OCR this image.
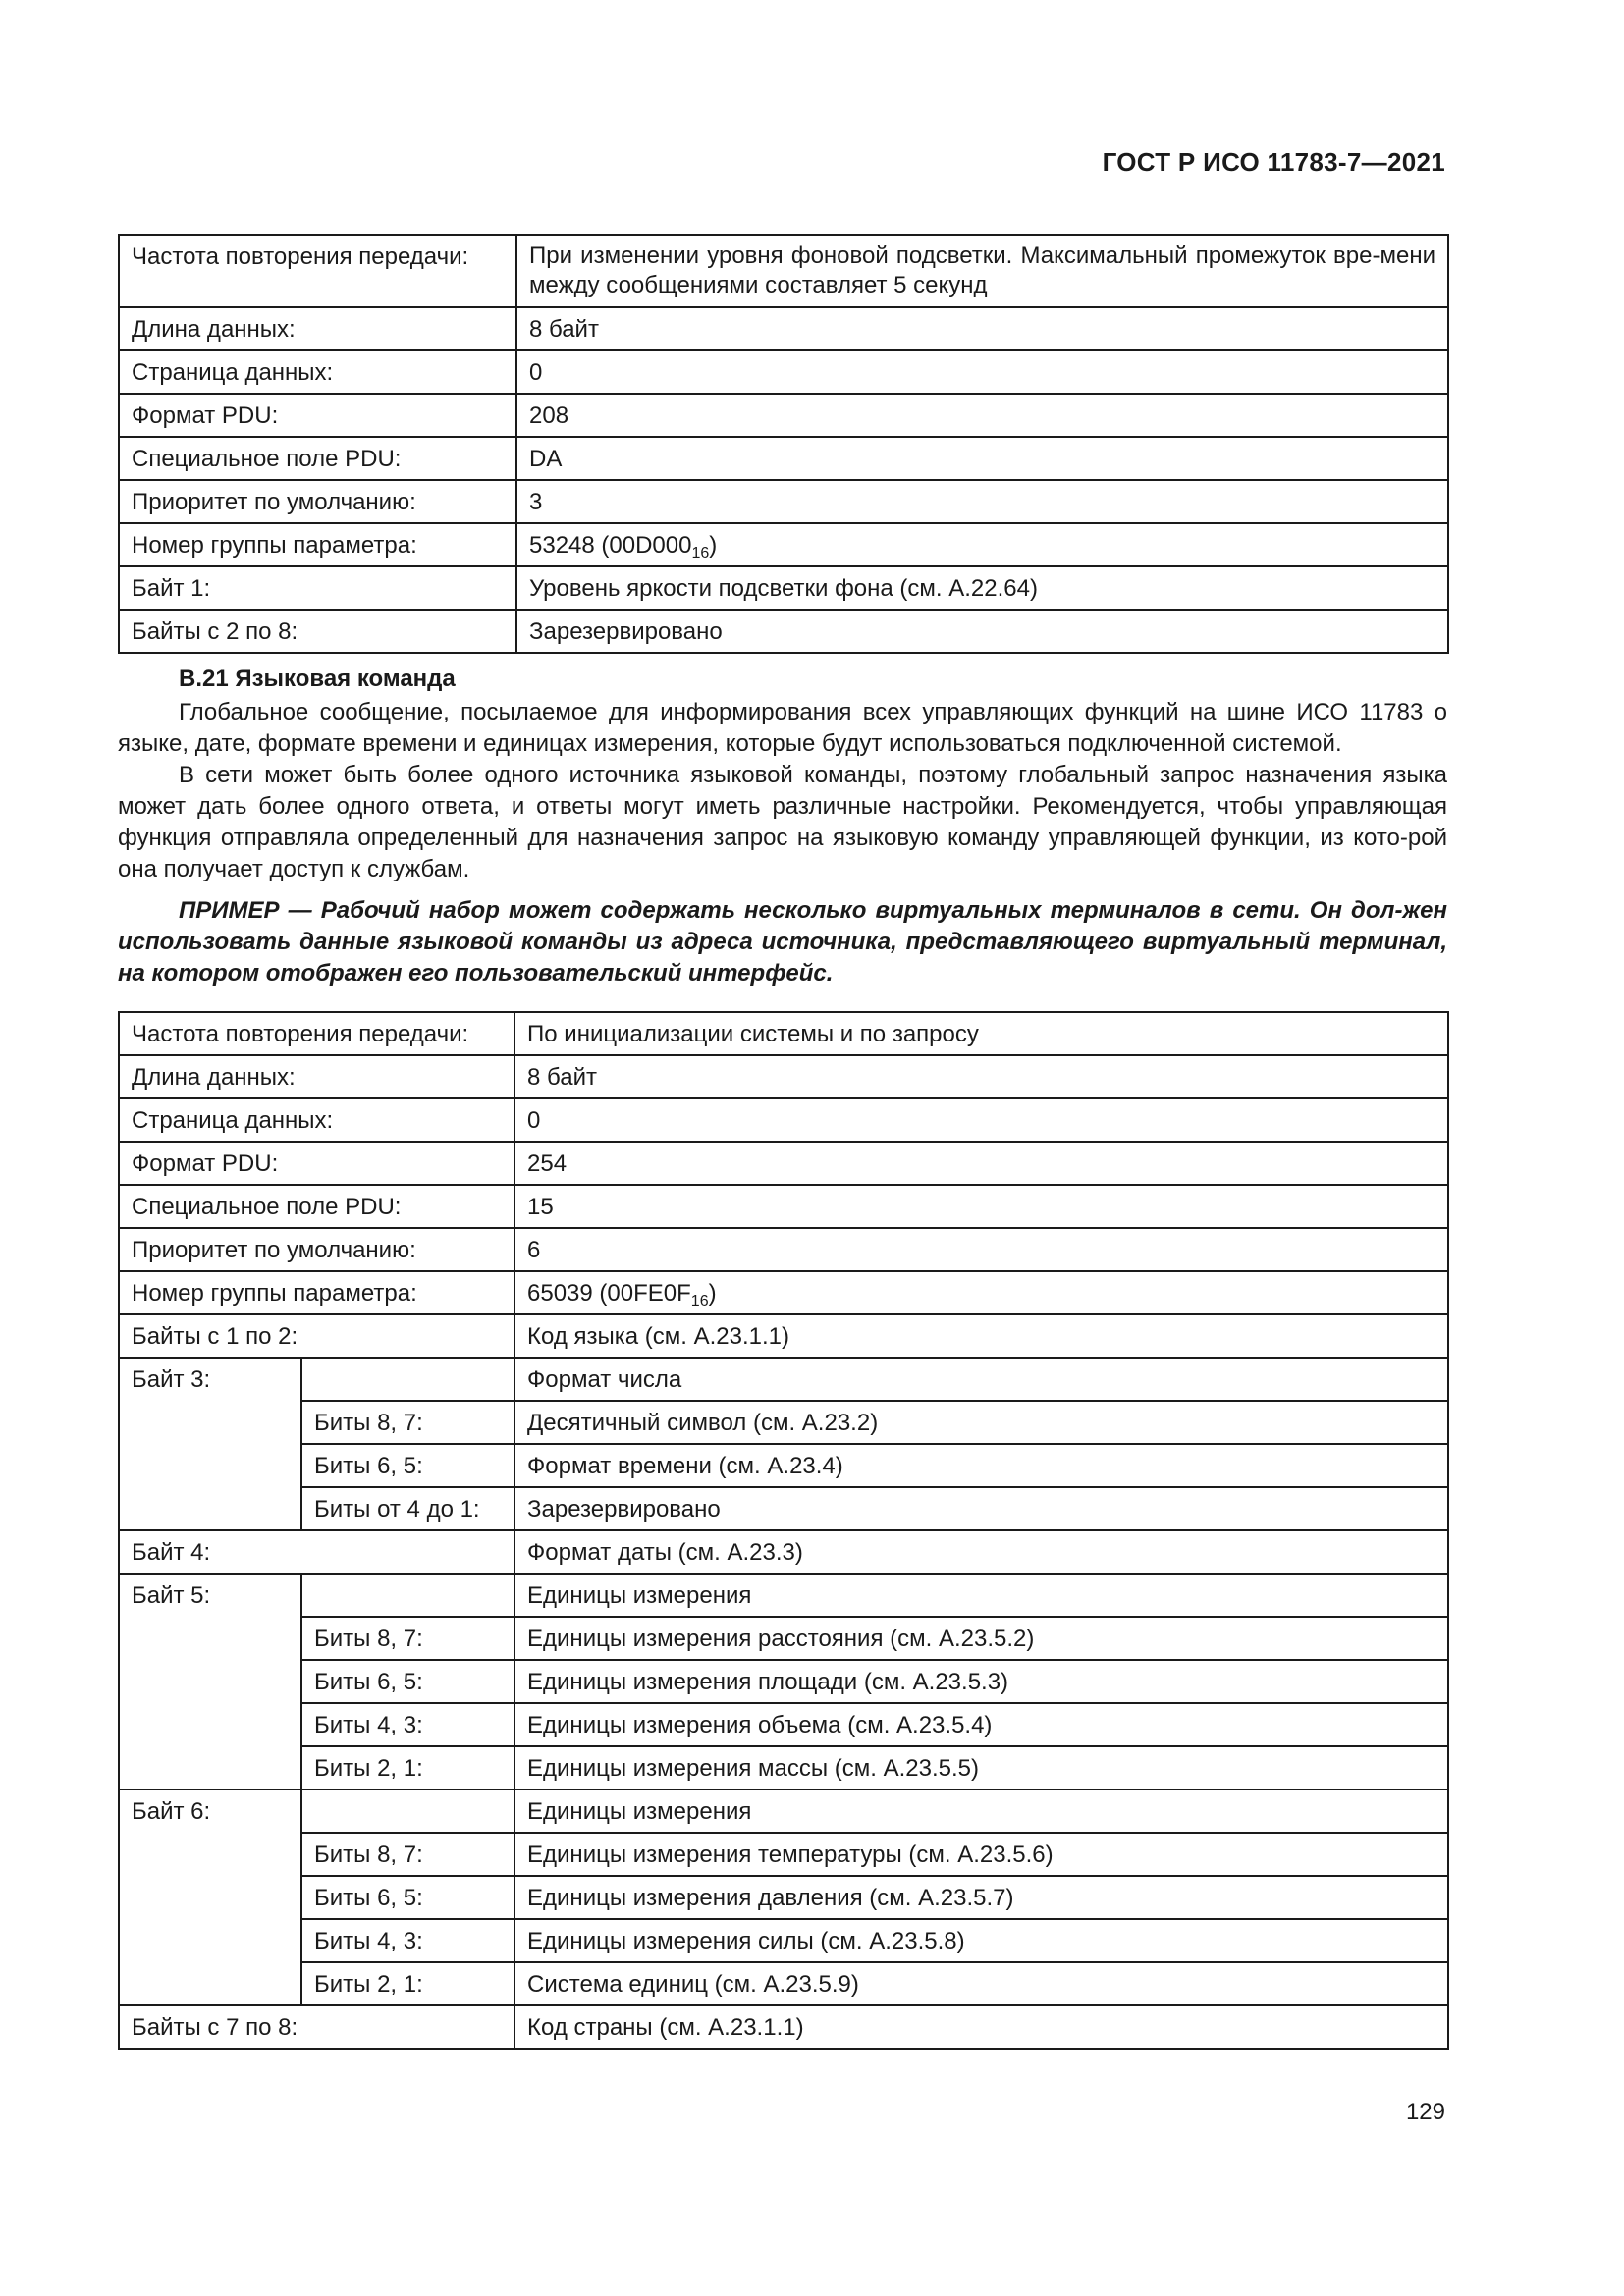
ГОСТ Р ИСО 11783-7—2021
Частота повторения передачи:	При изменении уровня фоновой подсветки. Максимальный промежуток вре-мени между сообщениями составляет 5 секунд
Длина данных:	8 байт
Страница данных:	0
Формат PDU:	208
Специальное поле PDU:	DA
Приоритет по умолчанию:	3
Номер группы параметра:	53248 $(00D000_{16})$
Байт 1:	Уровень яркости подсветки фона (см. А.22.64)
Байты с 2 по 8:	Зарезервировано
В.21 Языковая команда
Глобальное сообщение, посылаемое для информирования всех управляющих функций на шине ИСО 11783 о языке, дате, формате времени и единицах измерения, которые будут использоваться подключенной системой.
В сети может быть более одного источника языковой команды, поэтому глобальный запрос назначения языка может дать более одного ответа, и ответы могут иметь различные настройки. Рекомендуется, чтобы управляющая функция отправляла определенный для назначения запрос на языковую команду управляющей функции, из кото-рой она получает доступ к службам.
ПРИМЕР — Рабочий набор может содержать несколько виртуальных терминалов в сети. Он дол-жен использовать данные языковой команды из адреса источника, представляющего виртуальный терминал, на котором отображен его пользовательский интерфейс.
Частота повторения передачи:		По инициализации системы и по запросу
Длина данных:		8 байт
Страница данных:		0
Формат PDU:		254
Специальное поле PDU:		15
Приоритет по умолчанию:		6
Номер группы параметра:		65039 $(00FE0F_{16})$
Байты с 1 по 2:		Код языка (см. А.23.1.1)
Байт 3:		Формат числа
	Биты 8, 7:	Десятичный символ (см. А.23.2)
	Биты 6, 5:	Формат времени (см. А.23.4)
	Биты от 4 до 1:	Зарезервировано
Байт 4:		Формат даты (см. А.23.3)
Байт 5:		Единицы измерения
	Биты 8, 7:	Единицы измерения расстояния (см. А.23.5.2)
	Биты 6, 5:	Единицы измерения площади (см. А.23.5.3)
	Биты 4, 3:	Единицы измерения объема (см. А.23.5.4)
	Биты 2, 1:	Единицы измерения массы (см. А.23.5.5)
Байт 6:		Единицы измерения
	Биты 8, 7:	Единицы измерения температуры (см. А.23.5.6)
	Биты 6, 5:	Единицы измерения давления (см. А.23.5.7)
	Биты 4, 3:	Единицы измерения силы (см. А.23.5.8)
	Биты 2, 1:	Система единиц (см. А.23.5.9)
Байты с 7 по 8:		Код страны (см. А.23.1.1)
129
